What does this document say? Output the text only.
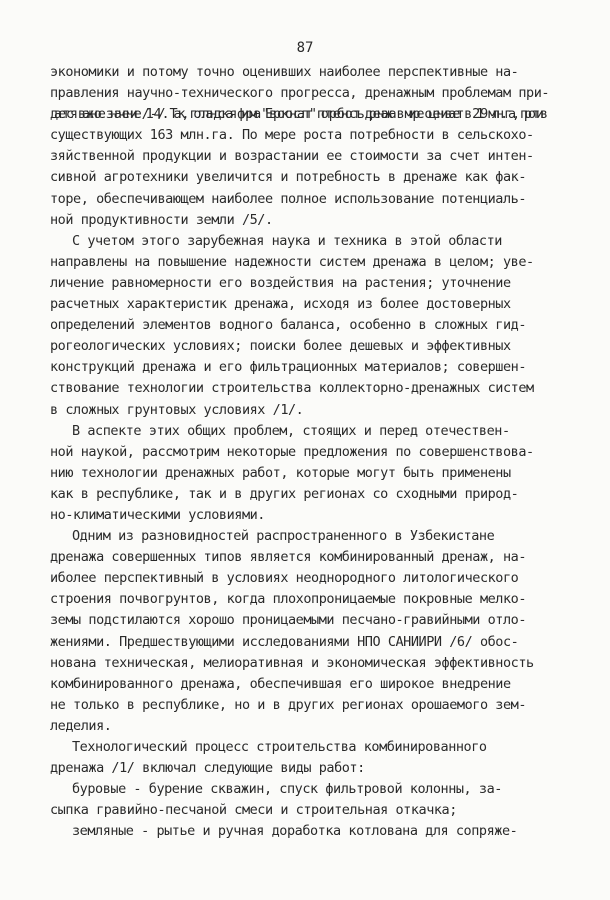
87
экономики и потому точно оценивших наиболее перспективные на-
правления научно-технического прогресса, дренажным проблемам при-
дается важное значение /1-4/. Так, голландская фирма "Евроконсалт" потребность дренажа в мире оценивает в 219 млн.га, против
существующих 163 млн.га. По мере роста потребности в сельскохо-
зяйственной продукции и возрастании ее стоимости за счет интен-
сивной агротехники увеличится и потребность в дренаже как фак-
торе, обеспечивающем наиболее полное использование потенциаль-
ной продуктивности земли /5/.
С учетом этого зарубежная наука и техника в этой области
направлены на повышение надежности систем дренажа в целом; уве-
личение равномерности его воздействия на растения; уточнение
расчетных характеристик дренажа, исходя из более достоверных
определений элементов водного баланса, особенно в сложных гид-
рогеологических условиях; поиски более дешевых и эффективных
конструкций дренажа и его фильтрационных материалов; совершен-
ствование технологии строительства коллекторно-дренажных систем
в сложных грунтовых условиях /1/.
В аспекте этих общих проблем, стоящих и перед отечествен-
ной наукой, рассмотрим некоторые предложения по совершенствова-
нию технологии дренажных работ, которые могут быть применены
как в республике, так и в других регионах со сходными природ-
но-климатическими условиями.
Одним из разновидностей распространенного в Узбекистане
дренажа совершенных типов является комбинированный дренаж, на-
иболее перспективный в условиях неоднородного литологического
строения почвогрунтов, когда плохопроницаемые покровные мелко-
земы подстилаются хорошо проницаемыми песчано-гравийными отло-
жениями. Предшествующими исследованиями НПО САНИИРИ /6/ обос-
нована техническая, мелиоративная и экономическая эффективность
комбинированного дренажа, обеспечившая его широкое внедрение
не только в республике, но и в других регионах орошаемого зем-
леделия.
Технологический процесс строительства комбинированного
дренажа /1/ включал следующие виды работ:
буровые - бурение скважин, спуск фильтровой колонны, за-
сыпка гравийно-песчаной смеси и строительная откачка;
земляные - рытье и ручная доработка котлована для сопряже-
